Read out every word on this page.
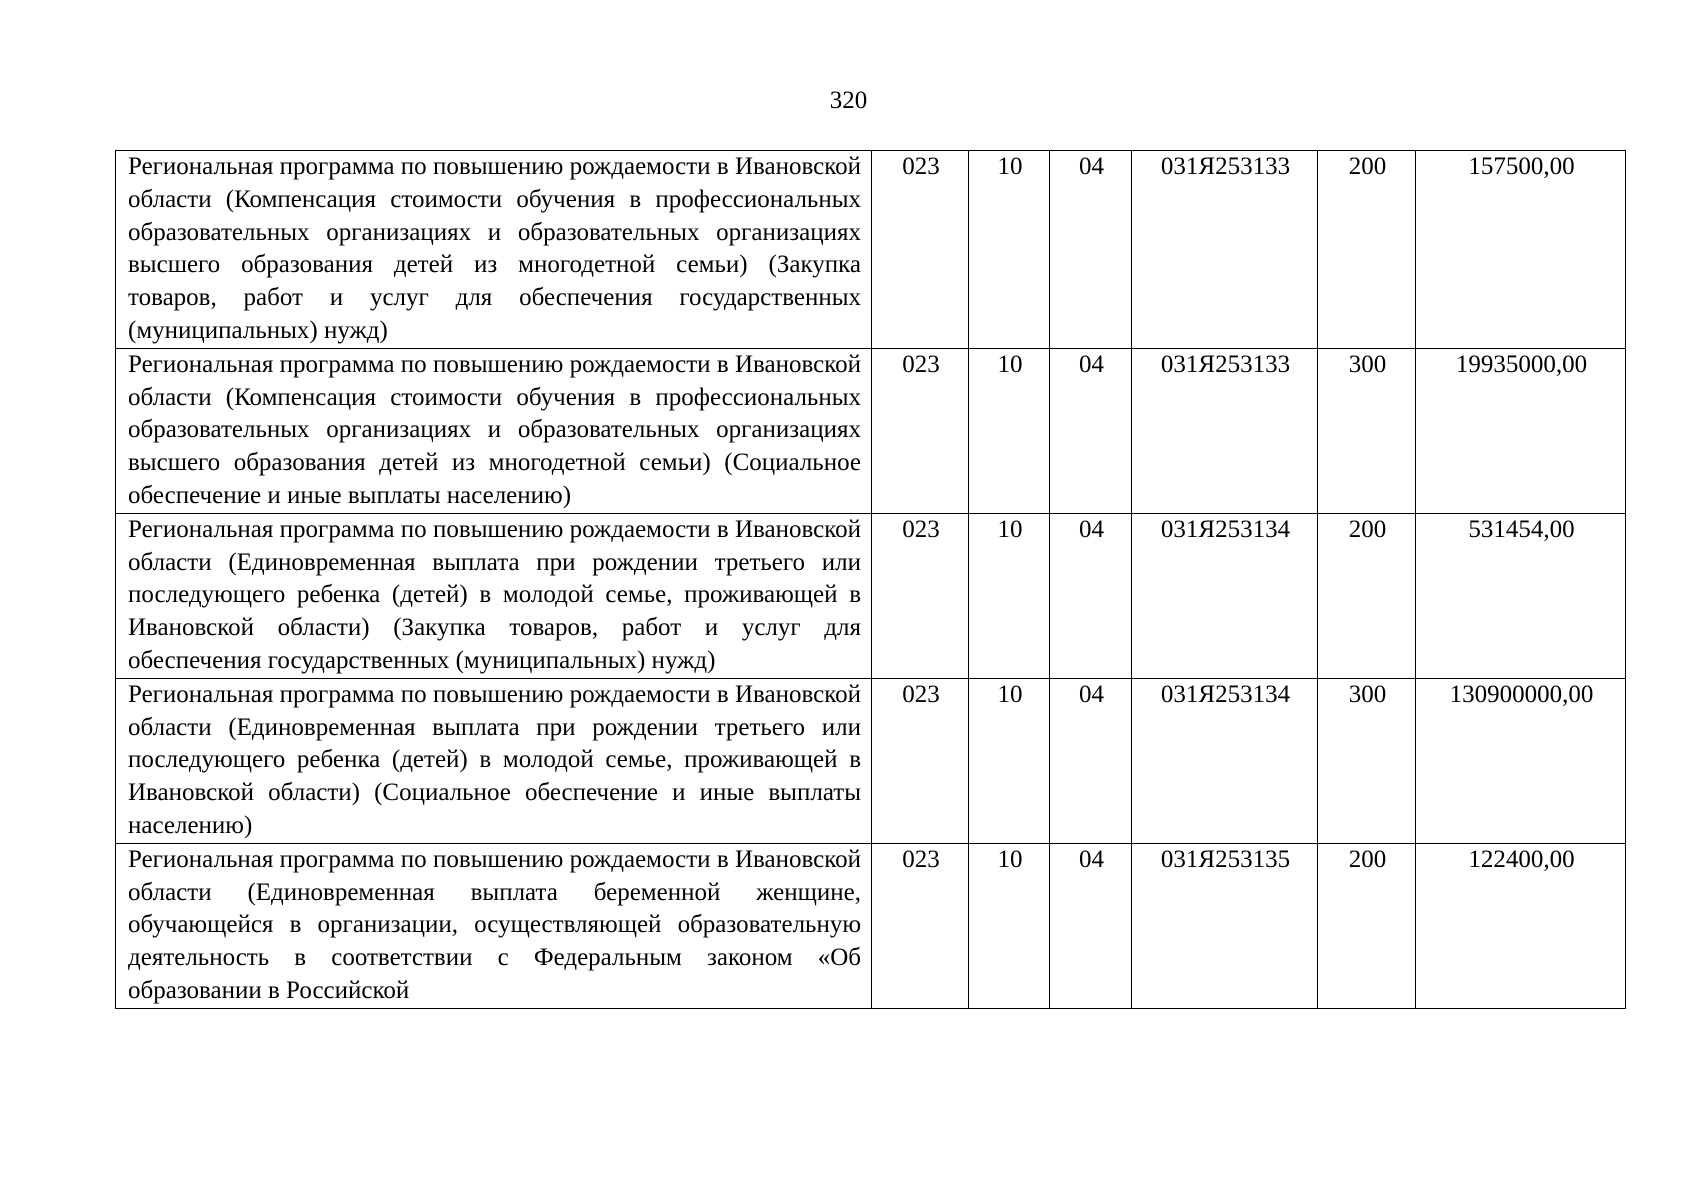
320
Региональная программа по повышению рождаемости в Ивановской области (Компенсация стоимости обучения в профессиональных образовательных организациях и образовательных организациях высшего образования детей из многодетной семьи) (Закупка товаров, работ и услуг для обеспечения государственных (муниципальных) нужд)	023	10	04	031Я253133	200	157500,00
Региональная программа по повышению рождаемости в Ивановской области (Компенсация стоимости обучения в профессиональных образовательных организациях и образовательных организациях высшего образования детей из многодетной семьи) (Социальное обеспечение и иные выплаты населению)	023	10	04	031Я253133	300	19935000,00
Региональная программа по повышению рождаемости в Ивановской области (Единовременная выплата при рождении третьего или последующего ребенка (детей) в молодой семье, проживающей в Ивановской области) (Закупка товаров, работ и услуг для обеспечения государственных (муниципальных) нужд)	023	10	04	031Я253134	200	531454,00
Региональная программа по повышению рождаемости в Ивановской области (Единовременная выплата при рождении третьего или последующего ребенка (детей) в молодой семье, проживающей в Ивановской области) (Социальное обеспечение и иные выплаты населению)	023	10	04	031Я253134	300	130900000,00
Региональная программа по повышению рождаемости в Ивановской области (Единовременная выплата беременной женщине, обучающейся в организации, осуществляющей образовательную деятельность в соответствии с Федеральным законом «Об образовании в Российской	023	10	04	031Я253135	200	122400,00
